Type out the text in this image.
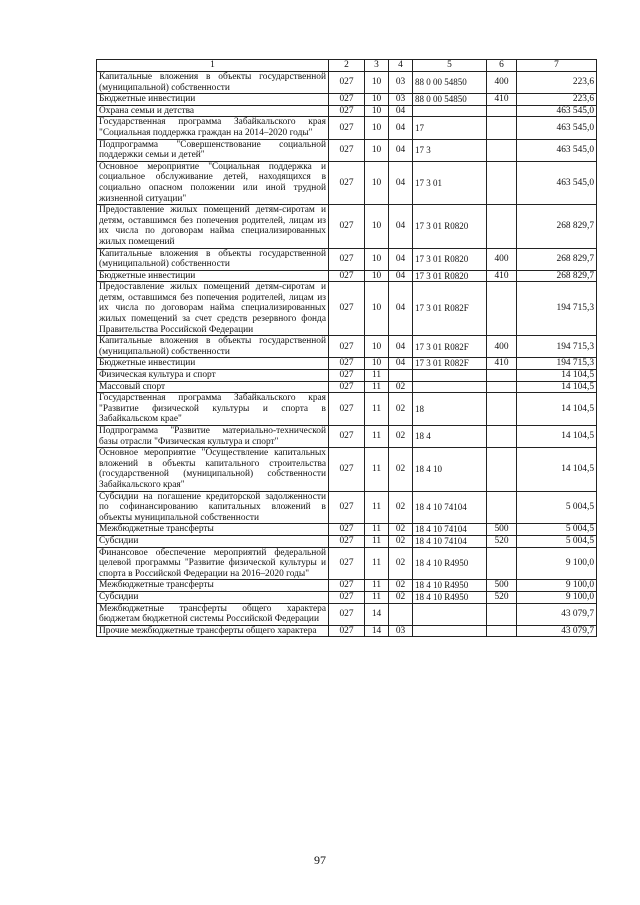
1	2	3	4	5	6	7
Капитальные вложения в объекты государственной (муниципальной) собственности	027	10	03	88 0 00 54850	400	223,6
Бюджетные инвестиции	027	10	03	88 0 00 54850	410	223,6
Охрана семьи и детства	027	10	04			463 545,0
Государственная программа Забайкальского края "Социальная поддержка граждан на 2014–2020 годы"	027	10	04	17		463 545,0
Подпрограмма "Совершенствование социальной поддержки семьи и детей"	027	10	04	17 3		463 545,0
Основное мероприятие "Социальная поддержка и социальное обслуживание детей, находящихся в социально опасном положении или иной трудной жизненной ситуации"	027	10	04	17 3 01		463 545,0
Предоставление жилых помещений детям-сиротам и детям, оставшимся без попечения родителей, лицам из их числа по договорам найма специализированных жилых помещений	027	10	04	17 3 01 R0820		268 829,7
Капитальные вложения в объекты государственной (муниципальной) собственности	027	10	04	17 3 01 R0820	400	268 829,7
Бюджетные инвестиции	027	10	04	17 3 01 R0820	410	268 829,7
Предоставление жилых помещений детям-сиротам и детям, оставшимся без попечения родителей, лицам из их числа по договорам найма специализированных жилых помещений за счет средств резервного фонда Правительства Российской Федерации	027	10	04	17 3 01 R082F		194 715,3
Капитальные вложения в объекты государственной (муниципальной) собственности	027	10	04	17 3 01 R082F	400	194 715,3
Бюджетные инвестиции	027	10	04	17 3 01 R082F	410	194 715,3
Физическая культура и спорт	027	11				14 104,5
Массовый спорт	027	11	02			14 104,5
Государственная программа Забайкальского края "Развитие физической культуры и спорта в Забайкальском крае"	027	11	02	18		14 104,5
Подпрограмма "Развитие материально-технической базы отрасли "Физическая культура и спорт"	027	11	02	18 4		14 104,5
Основное мероприятие "Осуществление капитальных вложений в объекты капитального строительства (государственной (муниципальной) собственности Забайкальского края"	027	11	02	18 4 10		14 104,5
Субсидии на погашение кредиторской задолженности по софинансированию капитальных вложений в объекты муниципальной собственности	027	11	02	18 4 10 74104		5 004,5
Межбюджетные трансферты	027	11	02	18 4 10 74104	500	5 004,5
Субсидии	027	11	02	18 4 10 74104	520	5 004,5
Финансовое обеспечение мероприятий федеральной целевой программы "Развитие физической культуры и спорта в Российской Федерации на 2016–2020 годы"	027	11	02	18 4 10 R4950		9 100,0
Межбюджетные трансферты	027	11	02	18 4 10 R4950	500	9 100,0
Субсидии	027	11	02	18 4 10 R4950	520	9 100,0
Межбюджетные трансферты общего характера бюджетам бюджетной системы Российской Федерации	027	14				43 079,7
Прочие межбюджетные трансферты общего характера	027	14	03			43 079,7
97
